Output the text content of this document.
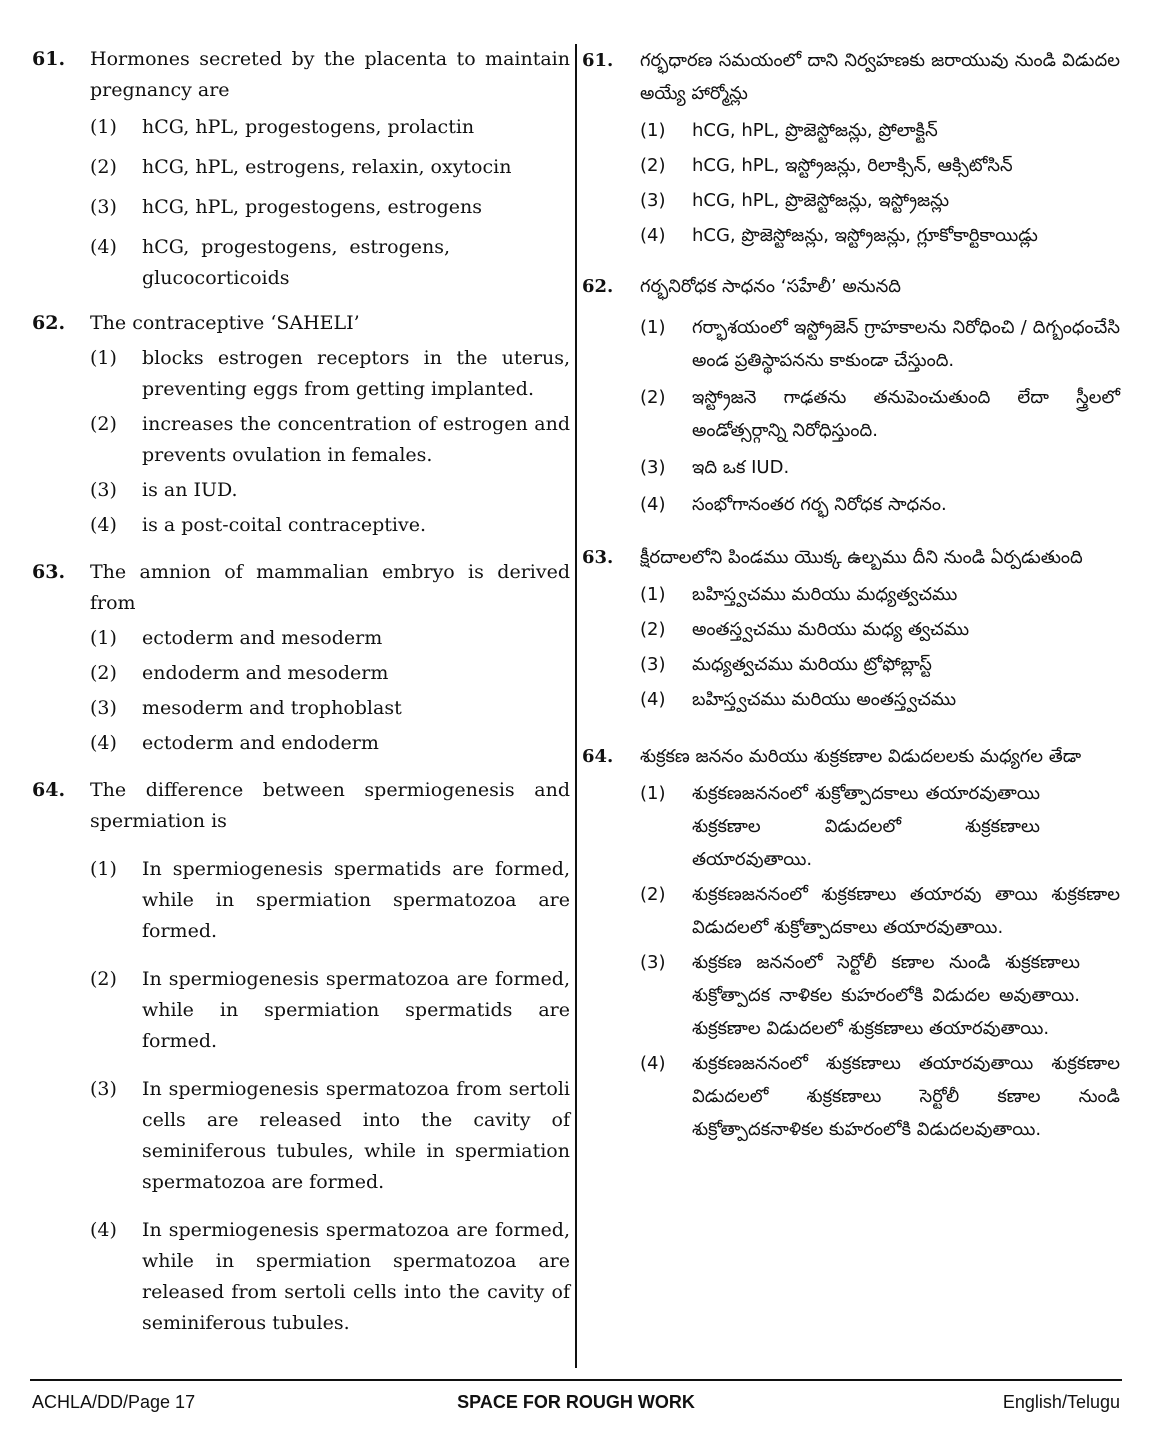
61. Hormones secreted by the placenta to maintain pregnancy are
(1) hCG, hPL, progestogens, prolactin
(2) hCG, hPL, estrogens, relaxin, oxytocin
(3) hCG, hPL, progestogens, estrogens
(4) hCG, progestogens, estrogens, glucocorticoids
62. The contraceptive ‘SAHELI’
(1) blocks estrogen receptors in the uterus, preventing eggs from getting implanted.
(2) increases the concentration of estrogen and prevents ovulation in females.
(3) is an IUD.
(4) is a post-coital contraceptive.
63. The amnion of mammalian embryo is derived from
(1) ectoderm and mesoderm
(2) endoderm and mesoderm
(3) mesoderm and trophoblast
(4) ectoderm and endoderm
64. The difference between spermiogenesis and spermiation is
(1) In spermiogenesis spermatids are formed, while in spermiation spermatozoa are formed.
(2) In spermiogenesis spermatozoa are formed, while in spermiation spermatids are formed.
(3) In spermiogenesis spermatozoa from sertoli cells are released into the cavity of seminiferous tubules, while in spermiation spermatozoa are formed.
(4) In spermiogenesis spermatozoa are formed, while in spermiation spermatozoa are released from sertoli cells into the cavity of seminiferous tubules.
61. గర్భధారణ సమయంలో దాని నిర్వహణకు జరాయువు నుండి విడుదల అయ్యే హార్మోన్లు
(1) hCG, hPL, ప్రొజెస్టోజన్లు, ప్రోలాక్టిన్
(2) hCG, hPL, ఇస్ట్రోజన్లు, రిలాక్సిన్, ఆక్సిటోసిన్
(3) hCG, hPL, ప్రొజెస్టోజన్లు, ఇస్ట్రోజన్లు
(4) hCG, ప్రొజెస్టోజన్లు, ఇస్ట్రోజన్లు, గ్లూకోకార్టికాయిడ్లు
62. గర్భనిరోధక సాధనం ‘సహేలీ’ అనునది
(1) గర్భాశయంలో ఇస్ట్రోజెన్ గ్రాహకాలను నిరోధించి / దిగ్బంధంచేసి అండ ప్రతిస్థాపనను కాకుండా చేస్తుంది.
(2) ఇస్ట్రోజనె గాఢతను తనుపెంచుతుంది లేదా స్త్రీలలో అండోత్సర్గాన్ని నిరోధిస్తుంది.
(3) ఇది ఒక IUD.
(4) సంభోగానంతర గర్భ నిరోధక సాధనం.
63. క్షీరదాలలోని పిండము యొక్క ఉల్బము దీని నుండి ఏర్పడుతుంది
(1) బహిస్త్వచము మరియు మధ్యత్వచము
(2) అంతస్త్వచము మరియు మధ్య త్వచము
(3) మధ్యత్వచము మరియు ట్రోఫోబ్లాస్ట్
(4) బహిస్త్వచము మరియు అంతస్త్వచము
64. శుక్రకణ జననం మరియు శుక్రకణాల విడుదలలకు మధ్యగల తేడా
(1) శుక్రకణజననంలో శుక్రోత్పాదకాలు తయారవుతాయి శుక్రకణాల విడుదలలో శుక్రకణాలు తయారవుతాయి.
(2) శుక్రకణజననంలో శుక్రకణాలు తయారవు తాయి శుక్రకణాల విడుదలలో శుక్రోత్పాదకాలు తయారవుతాయి.
(3) శుక్రకణ జననంలో సెర్టోలీ కణాల నుండి శుక్రకణాలు శుక్రోత్పాదక నాళికల కుహరంలోకి విడుదల అవుతాయి. శుక్రకణాల విడుదలలో శుక్రకణాలు తయారవుతాయి.
(4) శుక్రకణజననంలో శుక్రకణాలు తయారవుతాయి శుక్రకణాల విడుదలలో శుక్రకణాలు సెర్టోలీ కణాల నుండి శుక్రోత్పాదకనాళికల కుహరంలోకి విడుదలవుతాయి.
ACHLA/DD/Page 17	SPACE FOR ROUGH WORK	English/Telugu
